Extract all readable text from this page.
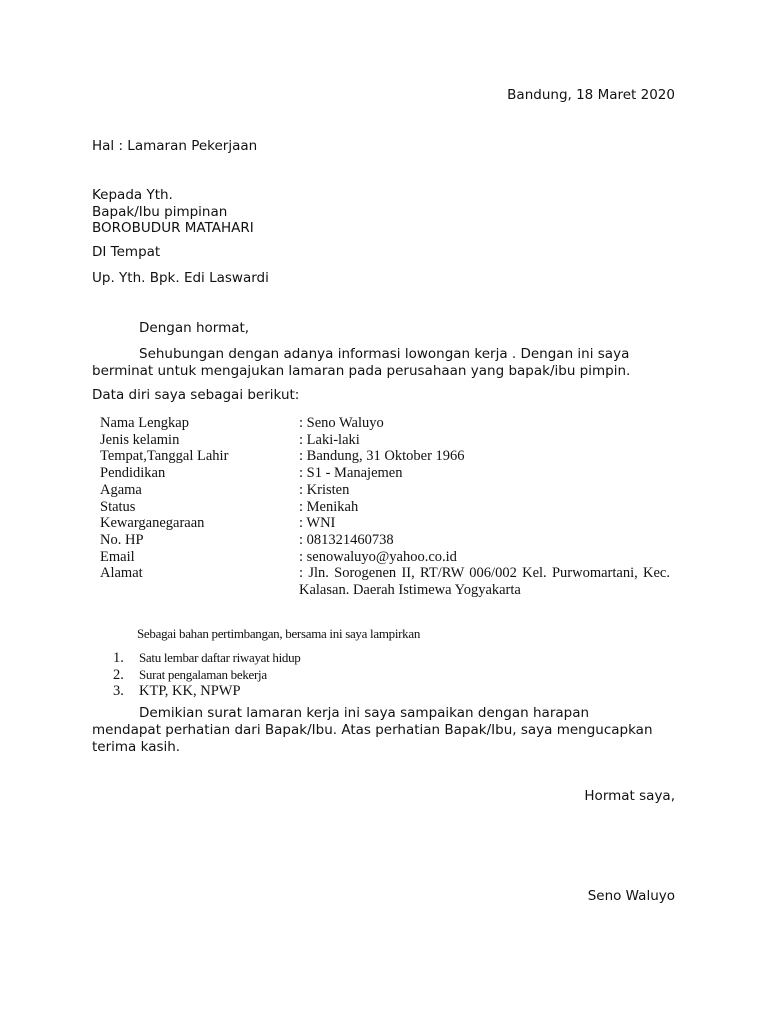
Bandung, 18 Maret 2020
Hal : Lamaran Pekerjaan
Kepada Yth.
Bapak/Ibu pimpinan
BOROBUDUR MATAHARI
DI Tempat
Up. Yth. Bpk. Edi Laswardi
Dengan hormat,
Sehubungan dengan adanya informasi lowongan kerja . Dengan ini saya berminat untuk mengajukan lamaran pada perusahaan yang bapak/ibu pimpin.
Data diri saya sebagai berikut:
Nama Lengkap	: Seno Waluyo
Jenis kelamin	: Laki-laki
Tempat,Tanggal Lahir	: Bandung, 31 Oktober 1966
Pendidikan	: S1 - Manajemen
Agama	: Kristen
Status	: Menikah
Kewarganegaraan	: WNI
No. HP	: 081321460738
Email	: senowaluyo@yahoo.co.id
Alamat	: Jln. Sorogenen II, RT/RW 006/002 Kel. Purwomartani, Kec. Kalasan. Daerah Istimewa Yogyakarta
Sebagai bahan pertimbangan, bersama ini saya lampirkan
1. Satu lembar daftar riwayat hidup
2. Surat pengalaman bekerja
3. KTP, KK, NPWP
Demikian surat lamaran kerja ini saya sampaikan dengan harapan mendapat perhatian dari Bapak/Ibu. Atas perhatian Bapak/Ibu, saya mengucapkan terima kasih.
Hormat saya,
Seno Waluyo
